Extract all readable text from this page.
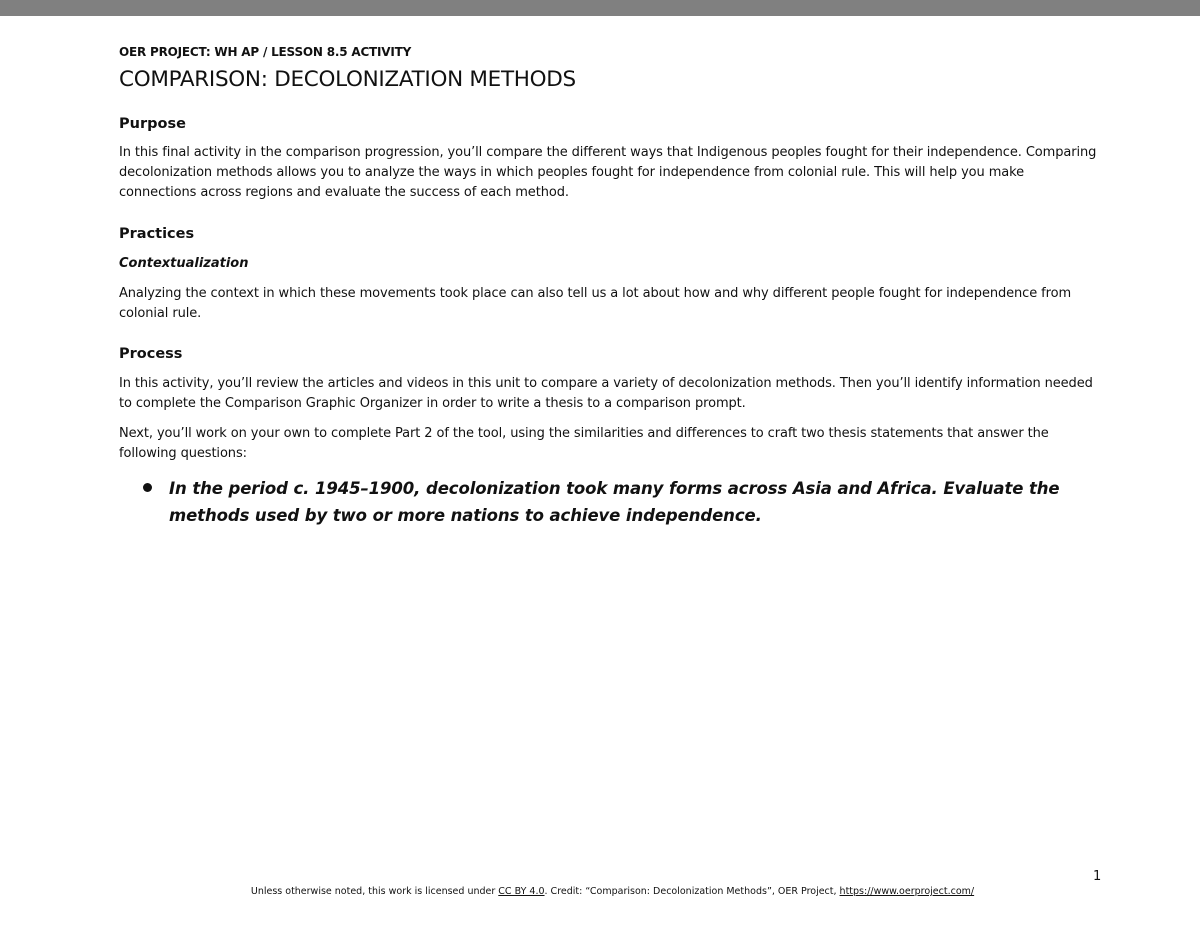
OER PROJECT: WH AP / LESSON 8.5 ACTIVITY

COMPARISON: DECOLONIZATION METHODS
Purpose

In this final activity in the comparison progression, you’ll compare the different ways that Indigenous peoples fought for their independence. Comparing decolonization methods allows you to analyze the ways in which peoples fought for independence from colonial rule. This will help you make connections across regions and evaluate the success of each method.

Practices

Contextualization

Analyzing the context in which these movements took place can also tell us a lot about how and why different people fought for independence from colonial rule.

Process

In this activity, you’ll review the articles and videos in this unit to compare a variety of decolonization methods. Then you’ll identify information needed to complete the Comparison Graphic Organizer in order to write a thesis to a comparison prompt.

Next, you’ll work on your own to complete Part 2 of the tool, using the similarities and differences to craft two thesis statements that answer the following questions:

In the period c. 1945–1900, decolonization took many forms across Asia and Africa. Evaluate the methods used by two or more nations to achieve independence.
1
Unless otherwise noted, this work is licensed under CC BY 4.0. Credit: “Comparison: Decolonization Methods”, OER Project, https://www.oerproject.com/
